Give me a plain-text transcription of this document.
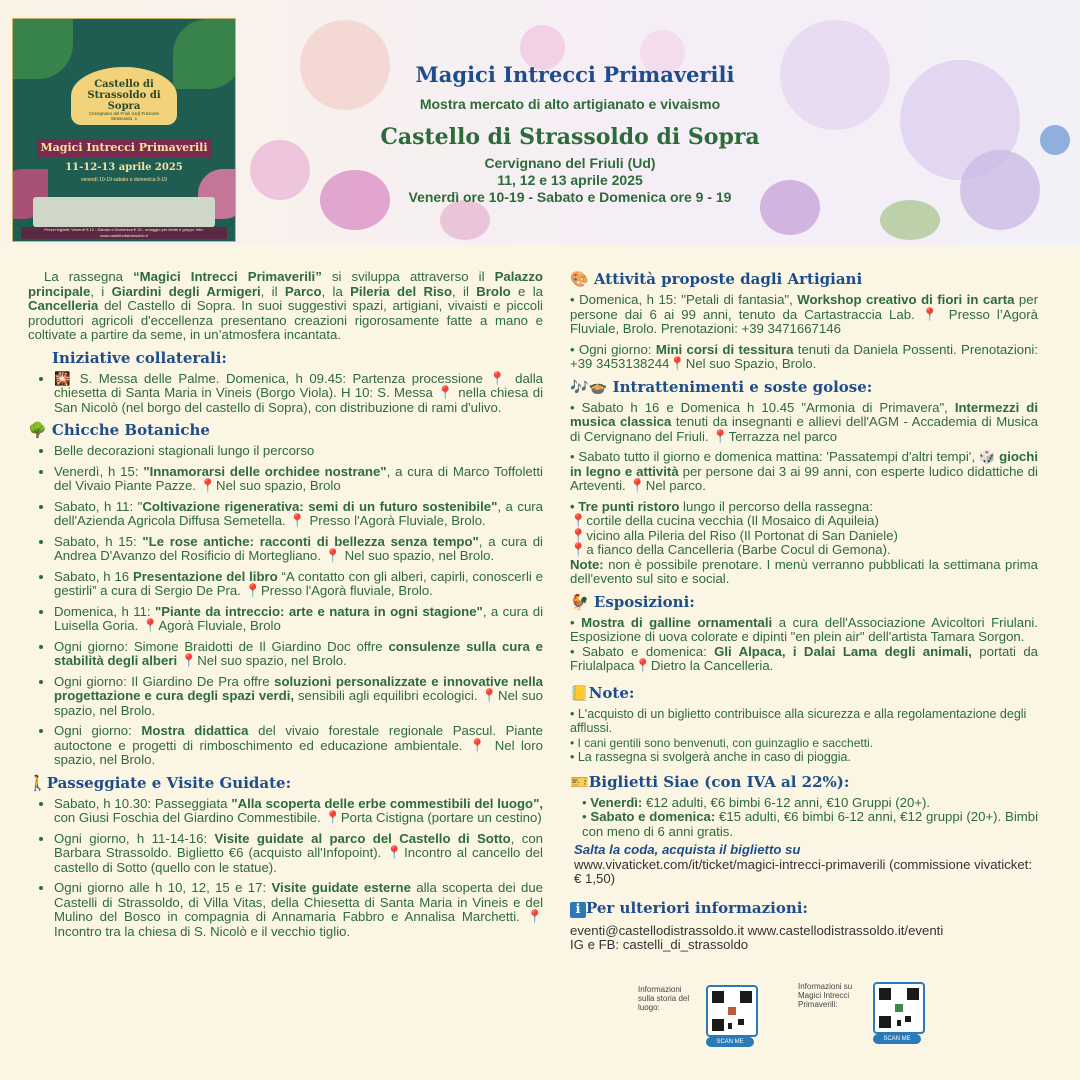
Castello di Strassoldo di Sopra
Cervignano del Friuli (Ud) Frazione Strassoldo, 1
Magici Intrecci Primaverili
11-12-13 aprile 2025
venerdì 10-19 sabato e domenica 9-19
Prezzi biglietti: Venerdì € 12 - Sabato e Domenica € 15 - omaggio per bimbi e gruppi. Info: www.castellodistrassoldo.it
Magici Intrecci Primaverili
Mostra mercato di alto artigianato e vivaismo
Castello di Strassoldo di Sopra
Cervignano del Friuli (Ud)
11, 12 e 13 aprile 2025
Venerdì ore 10-19 - Sabato e Domenica ore 9 - 19

La rassegna “Magici Intrecci Primaverili” si sviluppa attraverso il Palazzo principale, i Giardini degli Armigeri, il Parco, la Pileria del Riso, il Brolo e la Cancelleria del Castello di Sopra. In suoi suggestivi spazi, artigiani, vivaisti e piccoli produttori agricoli d'eccellenza presentano creazioni rigorosamente fatte a mano e coltivate a partire da seme, in un’atmosfera incantata.

Iniziative collaterali:
• 🎇 S. Messa delle Palme. Domenica, h 09.45: Partenza processione 📍 dalla chiesetta di Santa Maria in Vineis (Borgo Viola). H 10: S. Messa 📍 nella chiesa di San Nicolò (nel borgo del castello di Sopra), con distribuzione di rami d'ulivo.
🌳 Chicche Botaniche
• Belle decorazioni stagionali lungo il percorso
• Venerdì, h 15: "Innamorarsi delle orchidee nostrane", a cura di Marco Toffoletti del Vivaio Piante Pazze. 📍Nel suo spazio, Brolo
• Sabato, h 11: "Coltivazione rigenerativa: semi di un futuro sostenibile", a cura dell'Azienda Agricola Diffusa Semetella. 📍 Presso l'Agorà Fluviale, Brolo.
• Sabato, h 15: "Le rose antiche: racconti di bellezza senza tempo", a cura di Andrea D'Avanzo del Rosificio di Mortegliano. 📍 Nel suo spazio, nel Brolo.
• Sabato, h 16 Presentazione del libro “A contatto con gli alberi, capirli, conoscerli e gestirli” a cura di Sergio De Pra. 📍Presso l'Agorà fluviale, Brolo.
• Domenica, h 11: "Piante da intreccio: arte e natura in ogni stagione", a cura di Luisella Goria. 📍Agorà Fluviale, Brolo
• Ogni giorno: Simone Braidotti de Il Giardino Doc offre consulenze sulla cura e stabilità degli alberi 📍Nel suo spazio, nel Brolo.
• Ogni giorno: Il Giardino De Pra offre soluzioni personalizzate e innovative nella progettazione e cura degli spazi verdi, sensibili agli equilibri ecologici. 📍Nel suo spazio, nel Brolo.
• Ogni giorno: Mostra didattica del vivaio forestale regionale Pascul. Piante autoctone e progetti di rimboschimento ed educazione ambientale. 📍 Nel loro spazio, nel Brolo.
🚶Passeggiate e Visite Guidate:
• Sabato, h 10.30: Passeggiata "Alla scoperta delle erbe commestibili del luogo", con Giusi Foschia del Giardino Commestibile. 📍Porta Cistigna (portare un cestino)
• Ogni giorno, h 11-14-16: Visite guidate al parco del Castello di Sotto, con Barbara Strassoldo. Biglietto €6 (acquisto all'Infopoint). 📍Incontro al cancello del castello di Sotto (quello con le statue).
• Ogni giorno alle h 10, 12, 15 e 17: Visite guidate esterne alla scoperta dei due Castelli di Strassoldo, di Villa Vitas, della Chiesetta di Santa Maria in Vineis e del Mulino del Bosco in compagnia di Annamaria Fabbro e Annalisa Marchetti. 📍Incontro tra la chiesa di S. Nicolò e il vecchio tiglio.
🎨 Attività proposte dagli Artigiani

• Domenica, h 15: "Petali di fantasia", Workshop creativo di fiori in carta per persone dai 6 ai 99 anni, tenuto da Cartastraccia Lab. 📍 Presso l’Agorà Fluviale, Brolo. Prenotazioni: +39 3471667146

• Ogni giorno: Mini corsi di tessitura tenuti da Daniela Possenti. Prenotazioni: +39 3453138244📍Nel suo Spazio, Brolo.

🎶🍲 Intrattenimenti e soste golose:

• Sabato h 16 e Domenica h 10.45 "Armonia di Primavera", Intermezzi di musica classica tenuti da insegnanti e allievi dell'AGM - Accademia di Musica di Cervignano del Friuli. 📍Terrazza nel parco

• Sabato tutto il giorno e domenica mattina: 'Passatempi d'altri tempi', 🎲 giochi in legno e attività per persone dai 3 ai 99 anni, con esperte ludico didattiche di Arteventi. 📍Nel parco.

• Tre punti ristoro lungo il percorso della rassegna:

📍cortile della cucina vecchia (Il Mosaico di Aquileia)

📍vicino alla Pileria del Riso (Il Portonat di San Daniele)

📍a fianco della Cancelleria (Barbe Cocul di Gemona).

Note: non è possibile prenotare. I menù verranno pubblicati la settimana prima dell'evento sul sito e social.

🐓 Esposizioni:

• Mostra di galline ornamentali a cura dell'Associazione Avicoltori Friulani. Esposizione di uova colorate e dipinti "en plein air" dell'artista Tamara Sorgon.

• Sabato e domenica: Gli Alpaca, i Dalai Lama degli animali, portati da Friulalpaca📍Dietro la Cancelleria.

📒Note:

• L'acquisto di un biglietto contribuisce alla sicurezza e alla regolamentazione degli afflussi.

• I cani gentili sono benvenuti, con guinzaglio e sacchetti.

• La rassegna si svolgerà anche in caso di pioggia.

🎫Biglietti Siae (con IVA al 22%):

• Venerdì: €12 adulti, €6 bimbi 6-12 anni, €10 Gruppi (20+).

• Sabato e domenica: €15 adulti, €6 bimbi 6-12 anni, €12 gruppi (20+). Bimbi con meno di 6 anni gratis.

Salta la coda, acquista il biglietto su

www.vivaticket.com/it/ticket/magici-intrecci-primaverili (commissione vivaticket: € 1,50)

ℹ Per ulteriori informazioni:

eventi@castellodistrassoldo.it www.castellodistrassoldo.it/eventi

IG e FB: castelli_di_strassoldo

Informazioni sulla storia del luogo:
SCAN ME
Informazioni su Magici Intrecci Primaverili:
SCAN ME
